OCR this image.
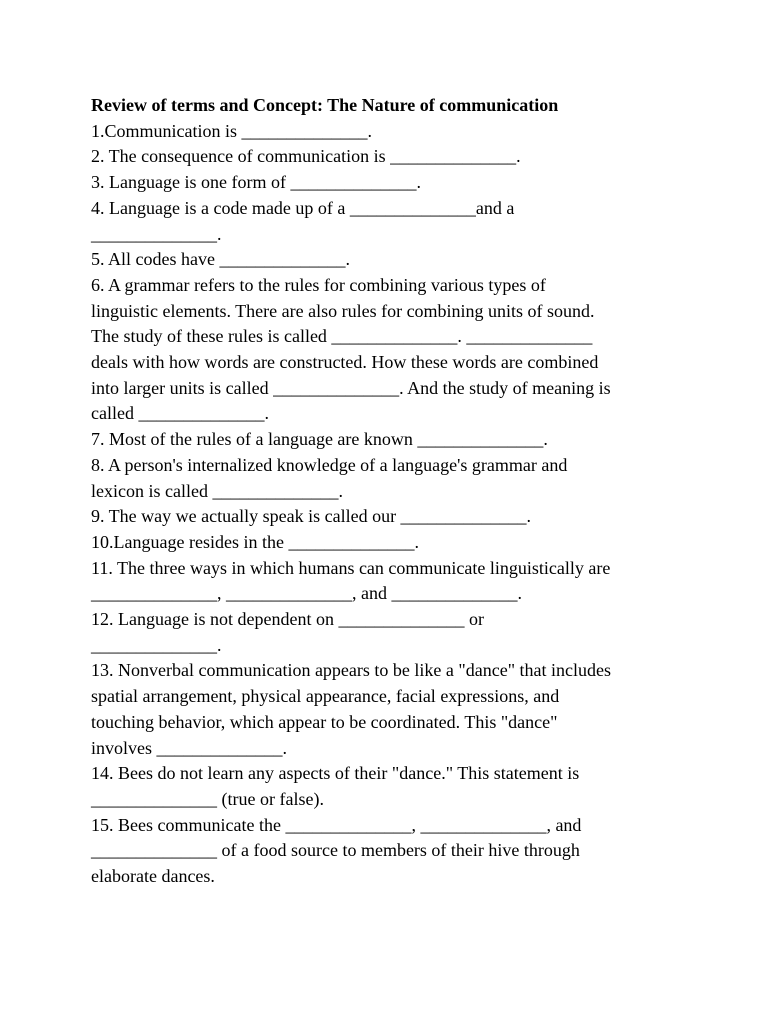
Review of terms and Concept: The Nature of communication

1.Communication is ______________.

2. The consequence of communication is ______________.

3. Language is one form of ______________.

4. Language is a code made up of a ______________and a

______________.

5. All codes have ______________.

6. A grammar refers to the rules for combining various types of

linguistic elements. There are also rules for combining units of sound.

The study of these rules is called ______________. ______________

deals with how words are constructed. How these words are combined

into larger units is called ______________. And the study of meaning is

called ______________.

7. Most of the rules of a language are known ______________.

8. A person's internalized knowledge of a language's grammar and

lexicon is called ______________.

9. The way we actually speak is called our ______________.

10.Language resides in the ______________.

11. The three ways in which humans can communicate linguistically are

______________, ______________, and ______________.

12. Language is not dependent on ______________ or

______________.

13. Nonverbal communication appears to be like a "dance" that includes

spatial arrangement, physical appearance, facial expressions, and

touching behavior, which appear to be coordinated. This "dance"

involves ______________.

14. Bees do not learn any aspects of their "dance." This statement is

______________ (true or false).

15. Bees communicate the ______________, ______________, and

______________ of a food source to members of their hive through

elaborate dances.
